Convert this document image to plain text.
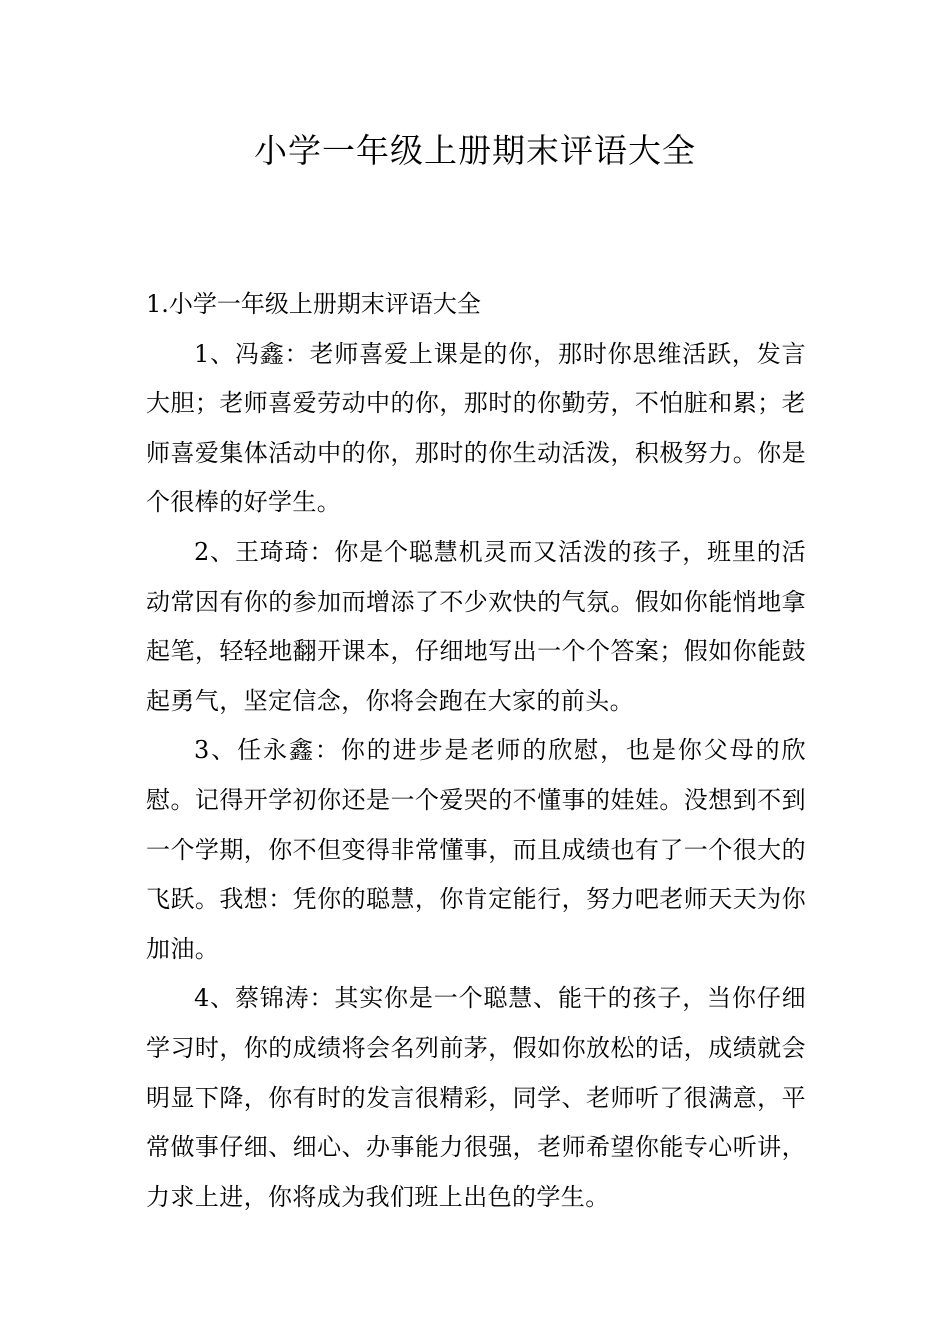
小学一年级上册期末评语大全

1.小学一年级上册期末评语大全

1、冯鑫：老师喜爱上课是的你，那时你思维活跃，发言大胆；老师喜爱劳动中的你，那时的你勤劳，不怕脏和累；老师喜爱集体活动中的你，那时的你生动活泼，积极努力。你是个很棒的好学生。

2、王琦琦：你是个聪慧机灵而又活泼的孩子，班里的活动常因有你的参加而增添了不少欢快的气氛。假如你能悄地拿起笔，轻轻地翻开课本，仔细地写出一个个答案；假如你能鼓起勇气，坚定信念，你将会跑在大家的前头。

3、任永鑫：你的进步是老师的欣慰，也是你父母的欣慰。记得开学初你还是一个爱哭的不懂事的娃娃。没想到不到一个学期，你不但变得非常懂事，而且成绩也有了一个很大的飞跃。我想：凭你的聪慧，你肯定能行，努力吧老师天天为你加油。

4、蔡锦涛：其实你是一个聪慧、能干的孩子，当你仔细学习时，你的成绩将会名列前茅，假如你放松的话，成绩就会明显下降，你有时的发言很精彩，同学、老师听了很满意，平常做事仔细、细心、办事能力很强，老师希望你能专心听讲，力求上进，你将成为我们班上出色的学生。
